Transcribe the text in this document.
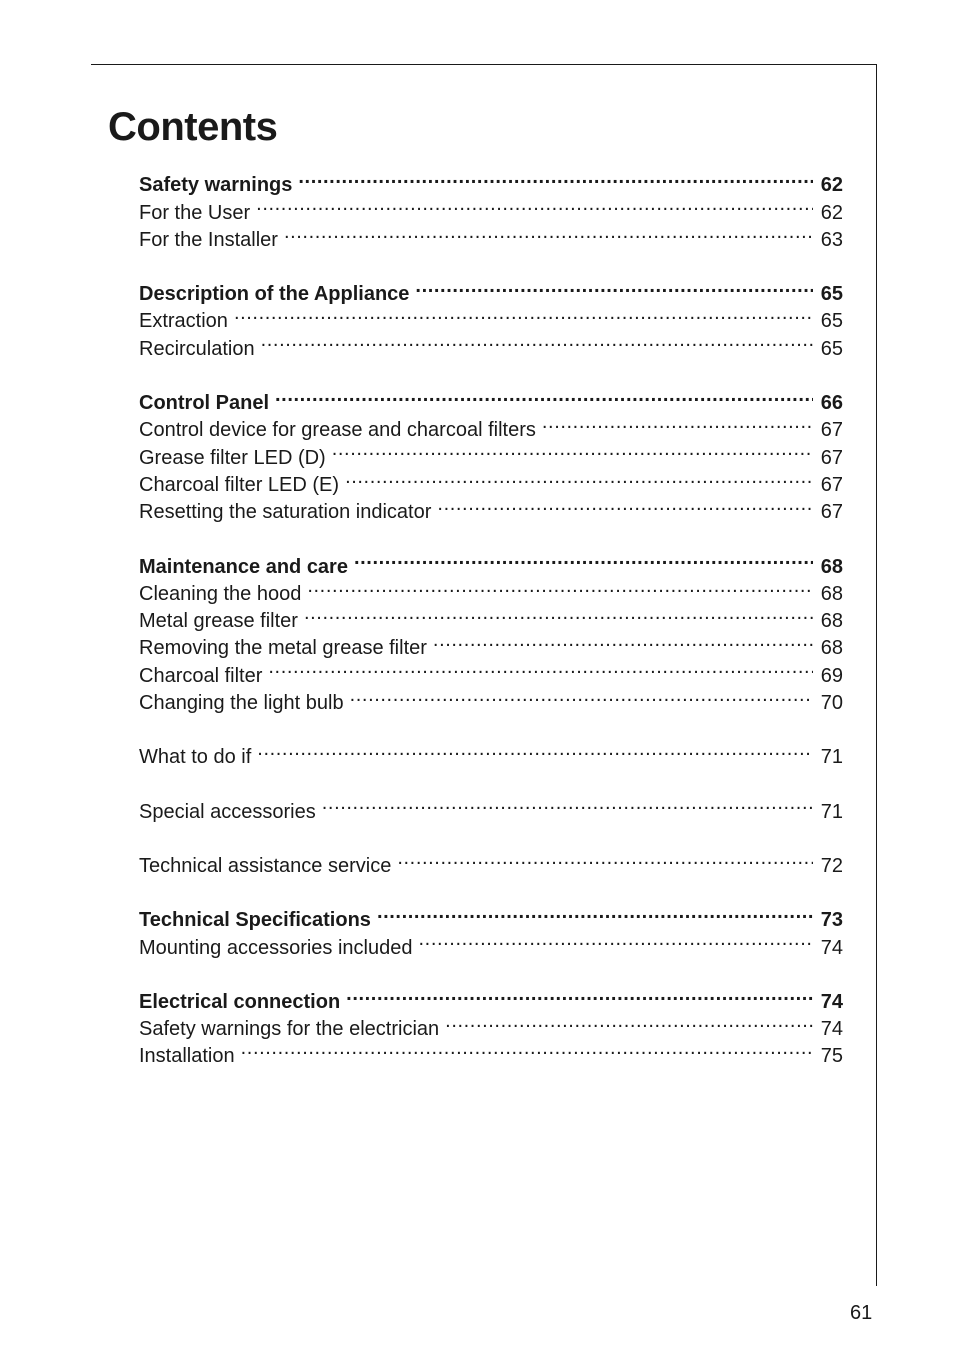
Contents
Safety warnings .....	62
For the User .....	62
For the Installer .....	63
Description of the Appliance .....	65
Extraction .....	65
Recirculation .....	65
Control Panel .....	66
Control device for grease and charcoal filters .....	67
Grease filter LED (D) .....	67
Charcoal filter LED (E) .....	67
Resetting the saturation indicator .....	67
Maintenance and care .....	68
Cleaning the hood .....	68
Metal grease filter .....	68
Removing the metal grease filter .....	68
Charcoal filter .....	69
Changing the light bulb .....	70
What to do if .....	71
Special accessories .....	71
Technical assistance service .....	72
Technical Specifications .....	73
Mounting accessories included .....	74
Electrical connection .....	74
Safety warnings for the electrician .....	74
Installation .....	75
61
